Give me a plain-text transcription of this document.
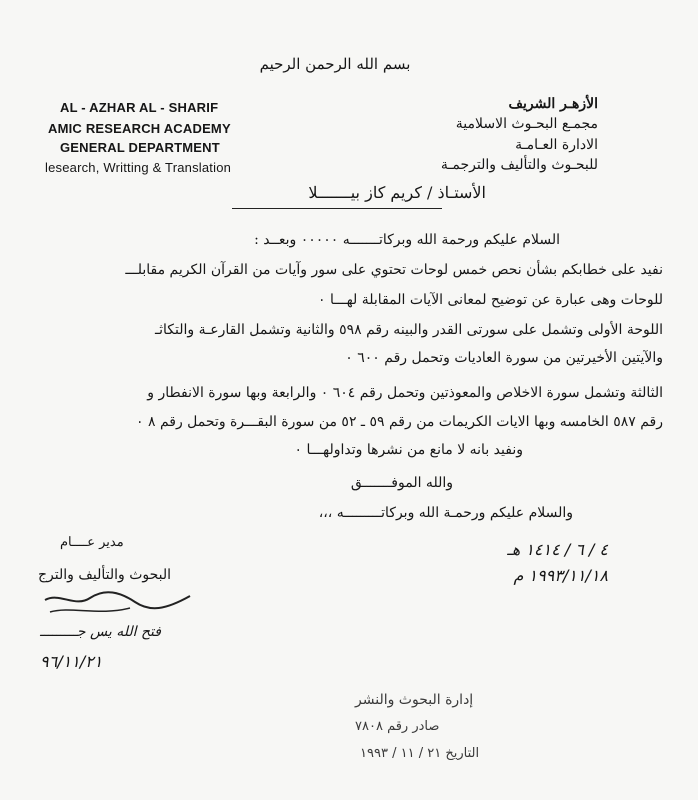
بسم الله الرحمن الرحيم
AL - AZHAR AL - SHARIF
AMIC RESEARCH ACADEMY
GENERAL DEPARTMENT
lesearch, Writting & Translation
الأزهـر الشريف
مجمـع البحـوث الاسلامية
الادارة العـامـة
للبحـوث والتأليف والترجمـة
الأستـاذ / كريم كاز بيـــــــلا
السلام عليكم ورحمة الله وبركاتـــــــه ٠٠٠٠٠ وبعــد :
نفيد على خطابكم بشأن نحص خمس لوحات تحتوي على سور وآيات من القرآن الكريم مقابلـــ
للوحات وهى عبارة عن توضيح لمعانى الآيات المقابلة لهـــا ٠
اللوحة الأولى وتشمل على سورتى القدر والبينه رقم ٥٩٨ والثانية وتشمل القارعـة والتكاثـ
والآيتين الأخيرتين من سورة العاديات وتحمل رقم ٦٠٠ ٠
الثالثة وتشمل سورة الاخلاص والمعوذتين وتحمل رقم ٦٠٤ ٠ والرابعة وبها سورة الانفطار و
رقم ٥٨٧ الخامسه وبها الايات الكريمات من رقم ٥٩ ـ ٥٢ من سورة البقـــرة وتحمل رقم ٨ ٠
ونفيد بانه لا مانع من نشرها وتداولهـــا ٠
والله الموفـــــــق
والسلام عليكم ورحمـة الله وبركاتـــــــــه ،،،
٤ / ٦ / ١٤١٤ هـ
١٩٩٣/١١/١٨ م
مدير عــــام
البحوث والتأليف والترج
فتح الله يس جـــــــــ
٩٦/١١/٢١
إدارة البحوث والنشر
صادر رقم ٧٨٠٨
التاريخ ٢١ / ١١ / ١٩٩٣
